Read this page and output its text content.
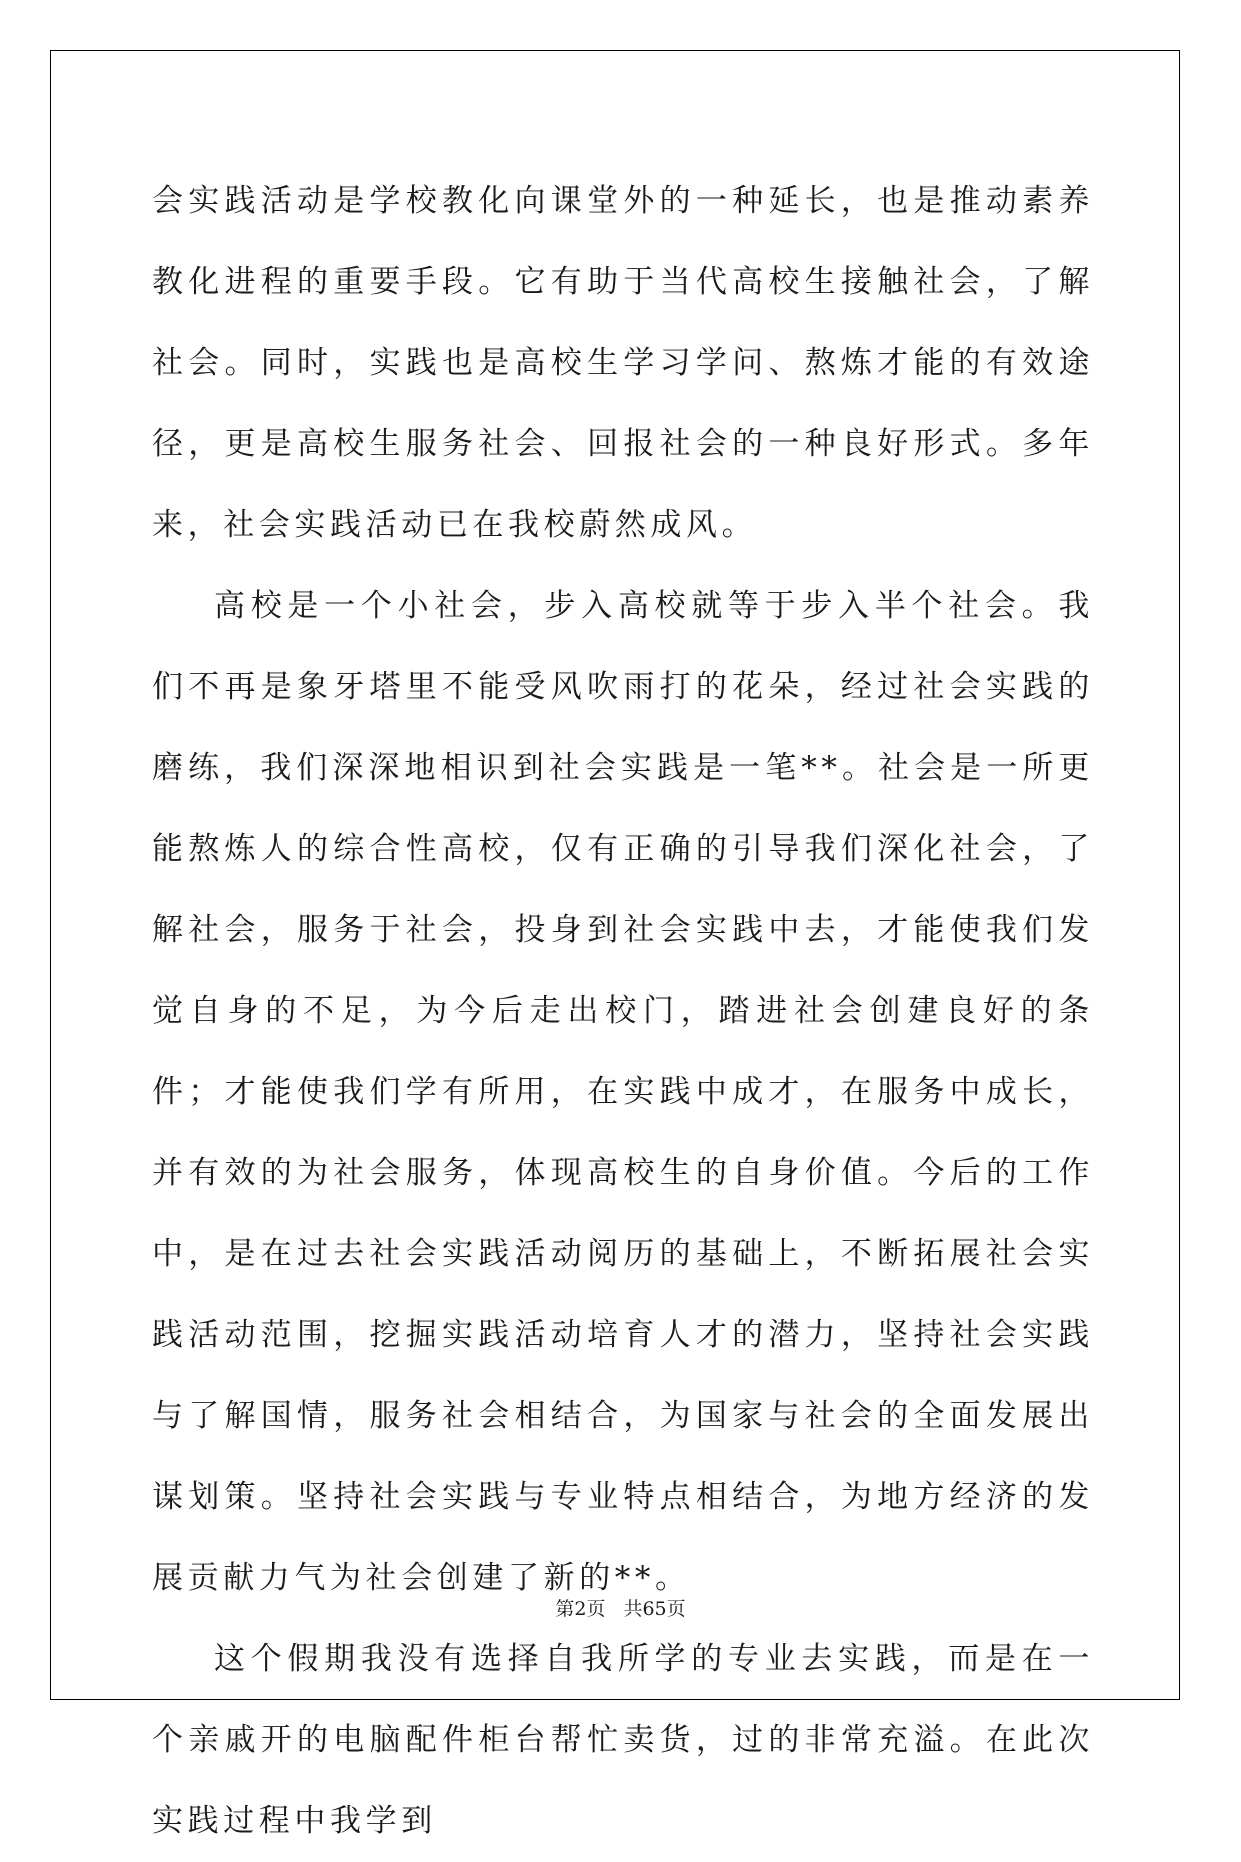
会实践活动是学校教化向课堂外的一种延长，也是推动素养教化进程的重要手段。它有助于当代高校生接触社会，了解社会。同时，实践也是高校生学习学问、熬炼才能的有效途径，更是高校生服务社会、回报社会的一种良好形式。多年来，社会实践活动已在我校蔚然成风。

高校是一个小社会，步入高校就等于步入半个社会。我们不再是象牙塔里不能受风吹雨打的花朵，经过社会实践的磨练，我们深深地相识到社会实践是一笔**。社会是一所更能熬炼人的综合性高校，仅有正确的引导我们深化社会，了解社会，服务于社会，投身到社会实践中去，才能使我们发觉自身的不足，为今后走出校门，踏进社会创建良好的条件；才能使我们学有所用，在实践中成才，在服务中成长，并有效的为社会服务，体现高校生的自身价值。今后的工作中，是在过去社会实践活动阅历的基础上，不断拓展社会实践活动范围，挖掘实践活动培育人才的潜力，坚持社会实践与了解国情，服务社会相结合，为国家与社会的全面发展出谋划策。坚持社会实践与专业特点相结合，为地方经济的发展贡献力气为社会创建了新的**。

这个假期我没有选择自我所学的专业去实践，而是在一个亲戚开的电脑配件柜台帮忙卖货，过的非常充溢。在此次实践过程中我学到

第2页 共65页
